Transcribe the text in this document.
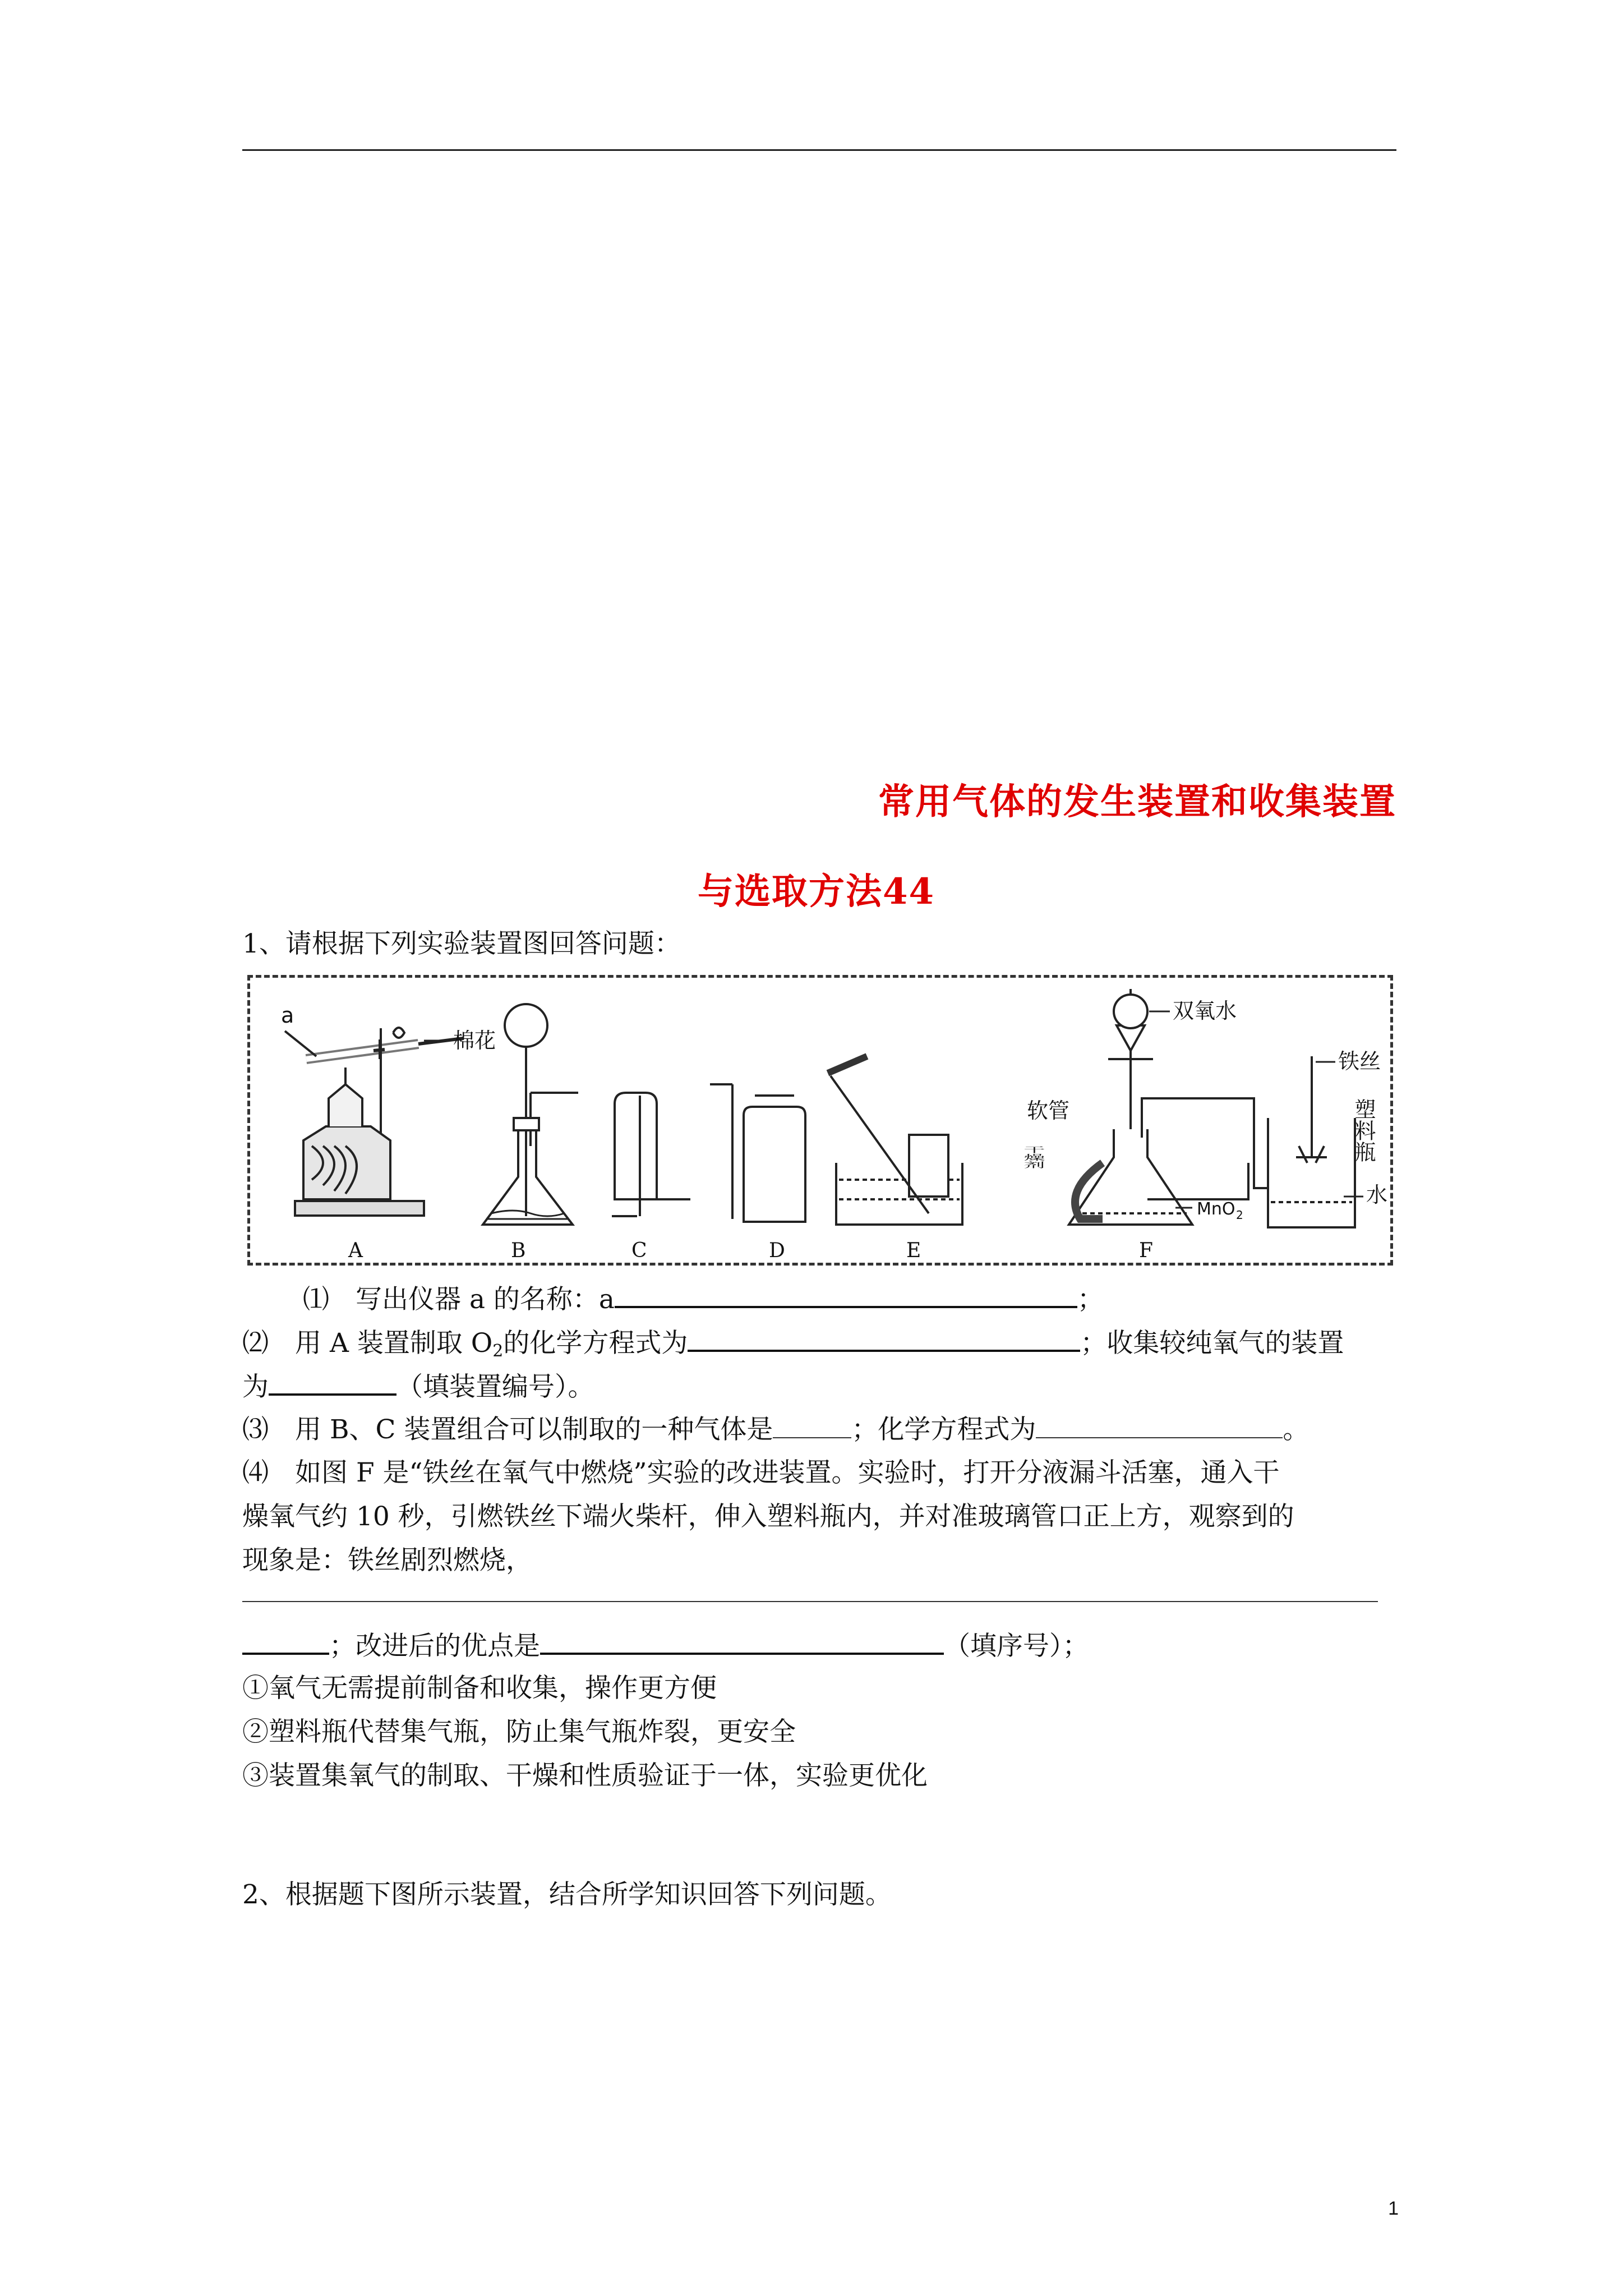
常用气体的发生装置和收集装置
与选取方法44
1、请根据下列实验装置图回答问题：
a
棉花
双氧水
软管
MnO 2
铁丝
干燥剂
塑料瓶
水
A	B	C	D	E	F
⑴　写出仪器 a 的名称：a	；
⑵　用 A 装置制取 $O_2$的化学方程式为	；收集较纯氧气的装置
为	（填装置编号）。
⑶　用 B、C 装置组合可以制取的一种气体是	；化学方程式为	。
⑷　如图 F 是“铁丝在氧气中燃烧”实验的改进装置。实验时，打开分液漏斗活塞，通入干
燥氧气约 10 秒，引燃铁丝下端火柴杆，伸入塑料瓶内，并对准玻璃管口正上方，观察到的
现象是：铁丝剧烈燃烧，
；改进后的优点是	（填序号）；
①氧气无需提前制备和收集，操作更方便
②塑料瓶代替集气瓶，防止集气瓶炸裂，更安全
③装置集氧气的制取、干燥和性质验证于一体，实验更优化
2、根据题下图所示装置，结合所学知识回答下列问题。
1
